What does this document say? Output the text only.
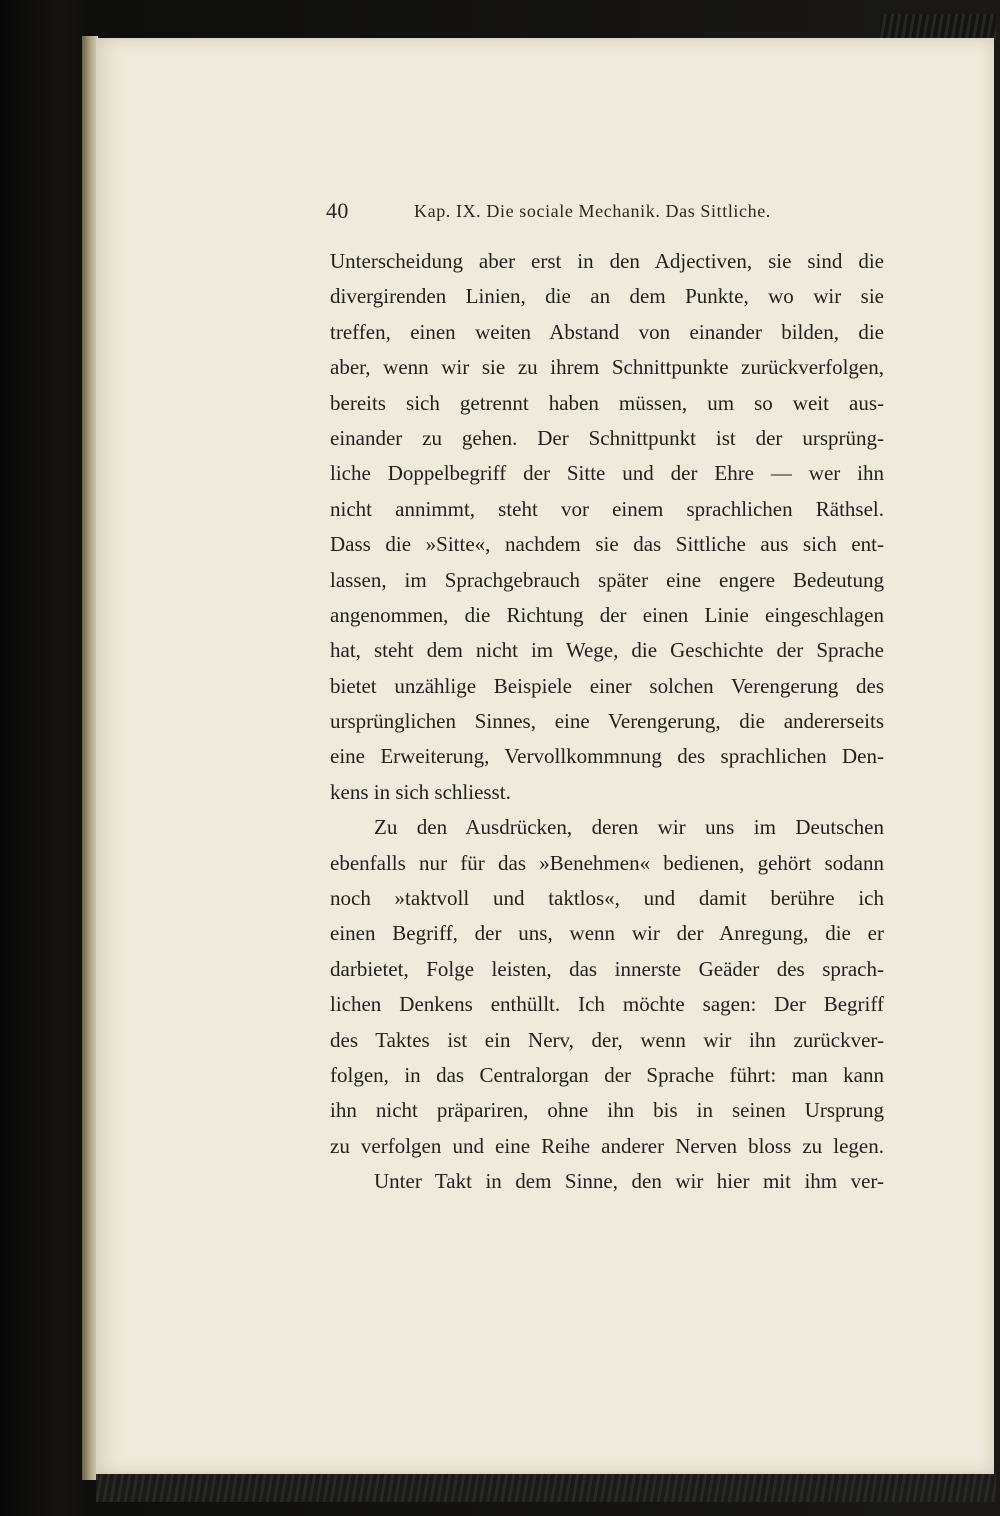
40	Kap. IX. Die sociale Mechanik. Das Sittliche.
Unterscheidung aber erst in den Adjectiven, sie sind die
divergirenden Linien, die an dem Punkte, wo wir sie
treffen, einen weiten Abstand von einander bilden, die
aber, wenn wir sie zu ihrem Schnittpunkte zurückverfolgen,
bereits sich getrennt haben müssen, um so weit aus-
einander zu gehen. Der Schnittpunkt ist der ursprüng-
liche Doppelbegriff der Sitte und der Ehre — wer ihn
nicht annimmt, steht vor einem sprachlichen Räthsel.
Dass die »Sitte«, nachdem sie das Sittliche aus sich ent-
lassen, im Sprachgebrauch später eine engere Bedeutung
angenommen, die Richtung der einen Linie eingeschlagen
hat, steht dem nicht im Wege, die Geschichte der Sprache
bietet unzählige Beispiele einer solchen Verengerung des
ursprünglichen Sinnes, eine Verengerung, die andererseits
eine Erweiterung, Vervollkommnung des sprachlichen Den-
kens in sich schliesst.
Zu den Ausdrücken, deren wir uns im Deutschen
ebenfalls nur für das »Benehmen« bedienen, gehört sodann
noch »taktvoll und taktlos«, und damit berühre ich
einen Begriff, der uns, wenn wir der Anregung, die er
darbietet, Folge leisten, das innerste Geäder des sprach-
lichen Denkens enthüllt. Ich möchte sagen: Der Begriff
des Taktes ist ein Nerv, der, wenn wir ihn zurückver-
folgen, in das Centralorgan der Sprache führt: man kann
ihn nicht präpariren, ohne ihn bis in seinen Ursprung
zu verfolgen und eine Reihe anderer Nerven bloss zu legen.
Unter Takt in dem Sinne, den wir hier mit ihm ver-
